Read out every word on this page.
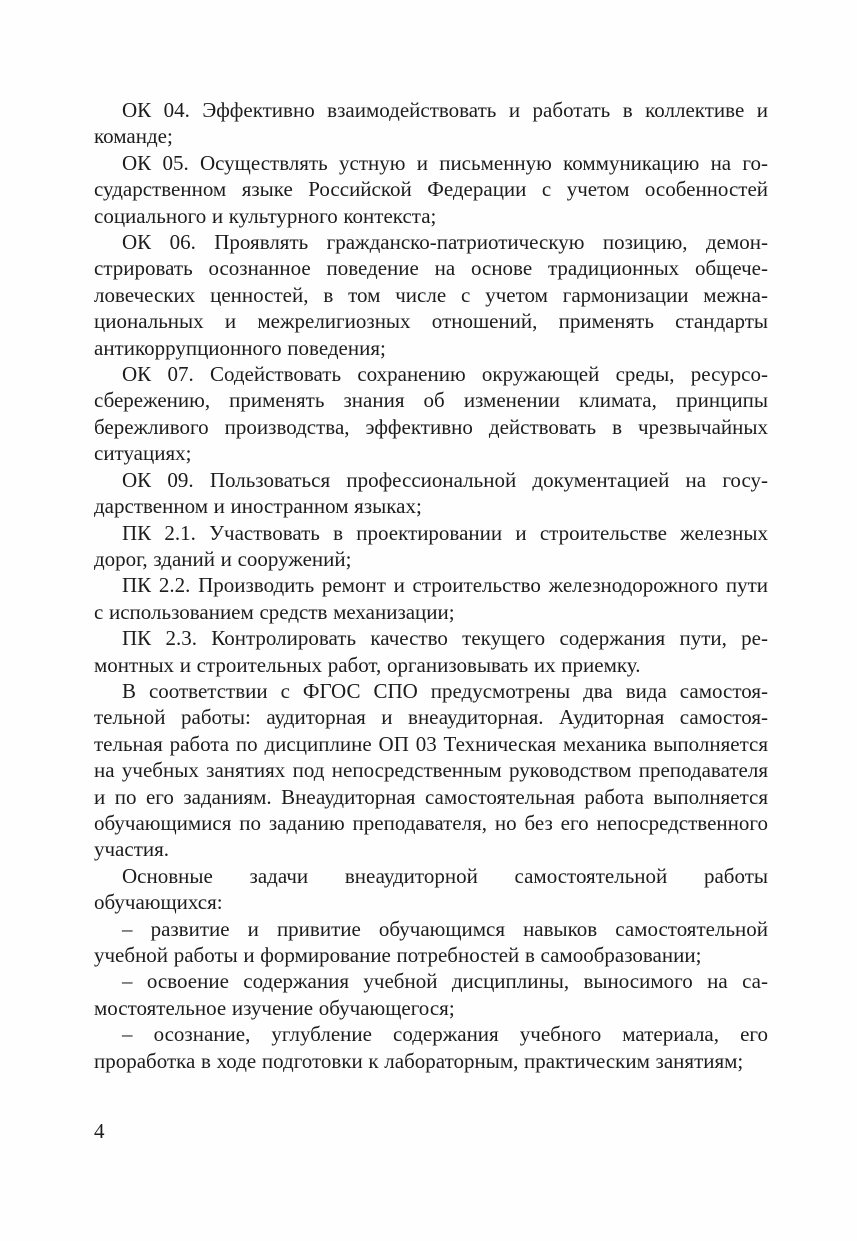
ОК 04. Эффективно взаимодействовать и работать в коллективе и команде;

ОК 05. Осуществлять устную и письменную коммуникацию на государственном языке Российской Федерации с учетом особенностей социального и культурного контекста;

ОК 06. Проявлять гражданско-патриотическую позицию, демонстрировать осознанное поведение на основе традиционных общечеловеческих ценностей, в том числе с учетом гармонизации межнациональных и межрелигиозных отношений, применять стандарты антикоррупционного поведения;

ОК 07. Содействовать сохранению окружающей среды, ресурсосбережению, применять знания об изменении климата, принципы бережливого производства, эффективно действовать в чрезвычайных ситуациях;

ОК 09. Пользоваться профессиональной документацией на государственном и иностранном языках;

ПК 2.1. Участвовать в проектировании и строительстве железных дорог, зданий и сооружений;

ПК 2.2. Производить ремонт и строительство железнодорожного пути с использованием средств механизации;

ПК 2.3. Контролировать качество текущего содержания пути, ремонтных и строительных работ, организовывать их приемку.

В соответствии с ФГОС СПО предусмотрены два вида самостоятельной работы: аудиторная и внеаудиторная. Аудиторная самостоятельная работа по дисциплине ОП 03 Техническая механика выполняется на учебных занятиях под непосредственным руководством преподавателя и по его заданиям. Внеаудиторная самостоятельная работа выполняется обучающимися по заданию преподавателя, но без его непосредственного участия.

Основные задачи внеаудиторной самостоятельной работы обучающихся:

– развитие и привитие обучающимся навыков самостоятельной учебной работы и формирование потребностей в самообразовании;

– освоение содержания учебной дисциплины, выносимого на самостоятельное изучение обучающегося;

– осознание, углубление содержания учебного материала, его проработка в ходе подготовки к лабораторным, практическим занятиям;

4
